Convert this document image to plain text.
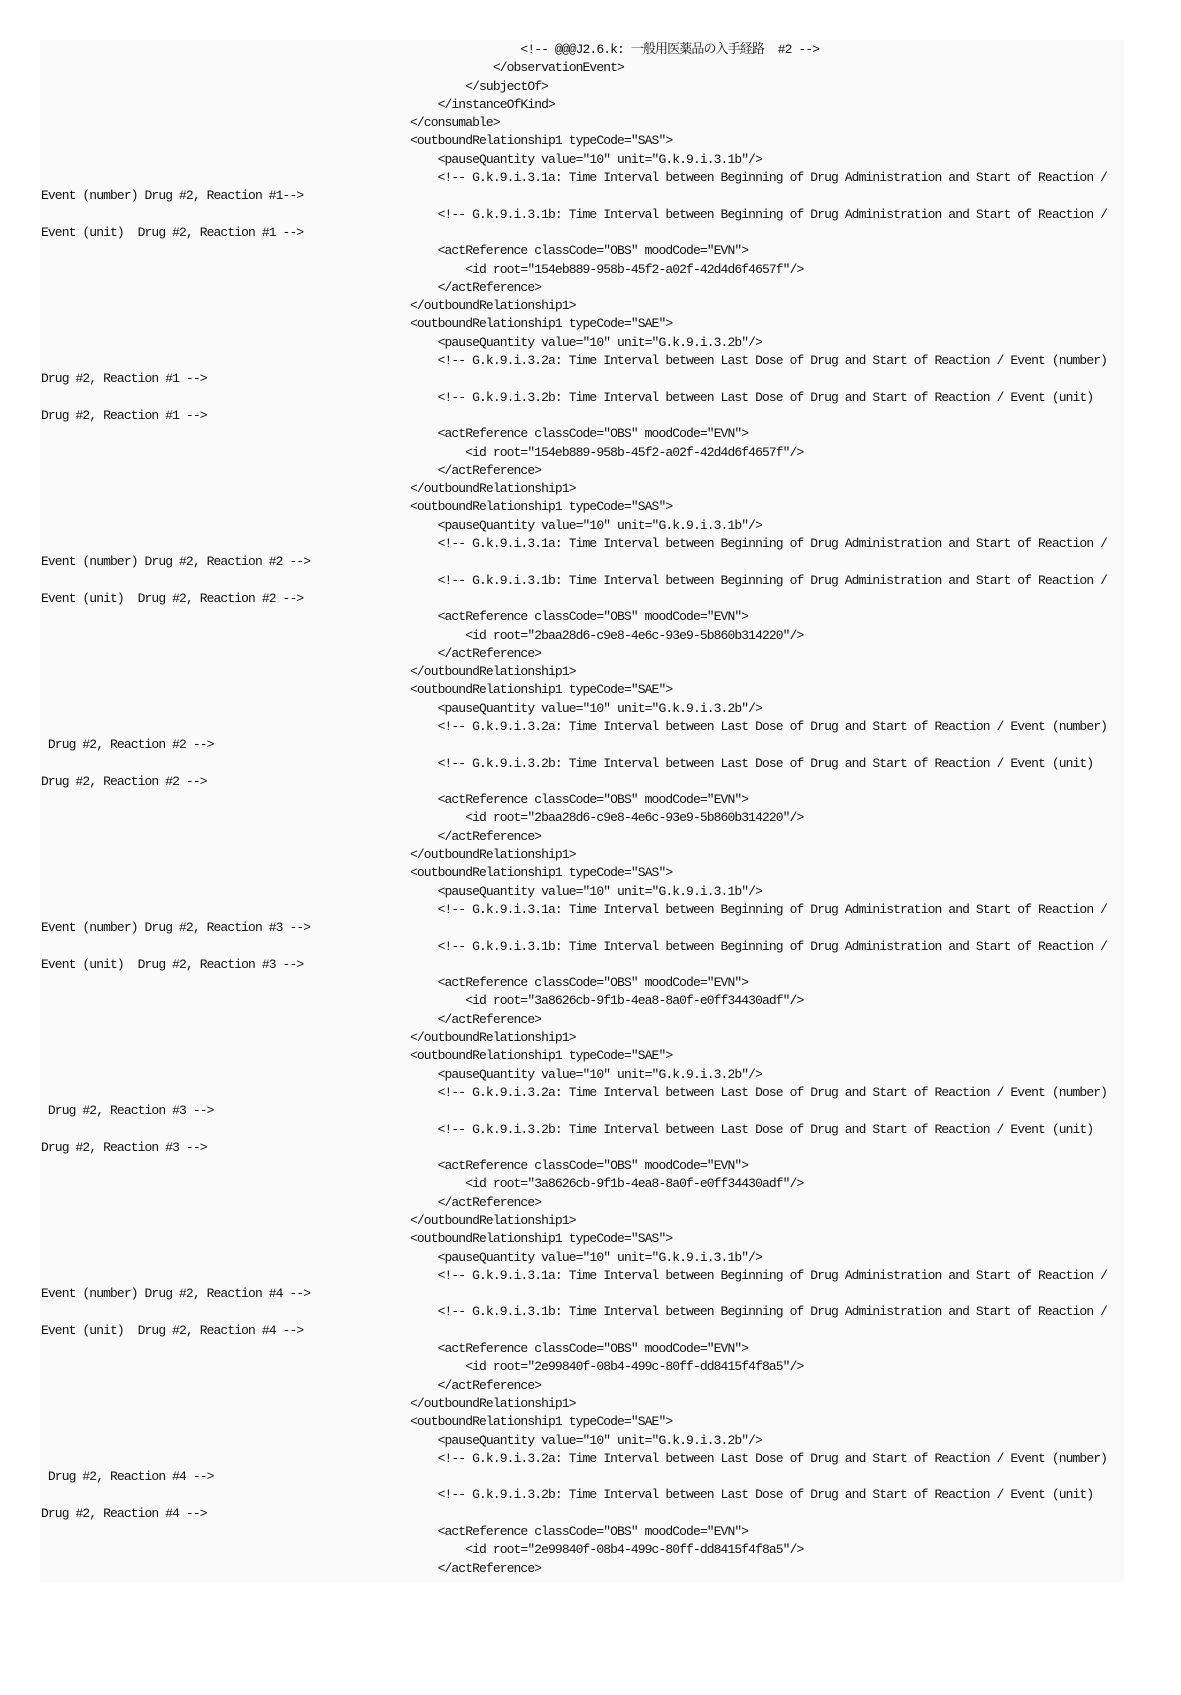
<!-- @@@J2.6.k: 一般用医薬品の入手経路  #2 -->
</observationEvent>
</subjectOf>
</instanceOfKind>
</consumable>
<outboundRelationship1 typeCode="SAS">
<pauseQuantity value="10" unit="G.k.9.i.3.1b"/>
<!-- G.k.9.i.3.1a: Time Interval between Beginning of Drug Administration and Start of Reaction /
Event (number) Drug #2, Reaction #1-->
<!-- G.k.9.i.3.1b: Time Interval between Beginning of Drug Administration and Start of Reaction /
Event (unit)  Drug #2, Reaction #1 -->
<actReference classCode="OBS" moodCode="EVN">
<id root="154eb889-958b-45f2-a02f-42d4d6f4657f"/>
</actReference>
</outboundRelationship1>
<outboundRelationship1 typeCode="SAE">
<pauseQuantity value="10" unit="G.k.9.i.3.2b"/>
<!-- G.k.9.i.3.2a: Time Interval between Last Dose of Drug and Start of Reaction / Event (number)
Drug #2, Reaction #1 -->
<!-- G.k.9.i.3.2b: Time Interval between Last Dose of Drug and Start of Reaction / Event (unit)
Drug #2, Reaction #1 -->
<actReference classCode="OBS" moodCode="EVN">
<id root="154eb889-958b-45f2-a02f-42d4d6f4657f"/>
</actReference>
</outboundRelationship1>
<outboundRelationship1 typeCode="SAS">
<pauseQuantity value="10" unit="G.k.9.i.3.1b"/>
<!-- G.k.9.i.3.1a: Time Interval between Beginning of Drug Administration and Start of Reaction /
Event (number) Drug #2, Reaction #2 -->
<!-- G.k.9.i.3.1b: Time Interval between Beginning of Drug Administration and Start of Reaction /
Event (unit)  Drug #2, Reaction #2 -->
<actReference classCode="OBS" moodCode="EVN">
<id root="2baa28d6-c9e8-4e6c-93e9-5b860b314220"/>
</actReference>
</outboundRelationship1>
<outboundRelationship1 typeCode="SAE">
<pauseQuantity value="10" unit="G.k.9.i.3.2b"/>
<!-- G.k.9.i.3.2a: Time Interval between Last Dose of Drug and Start of Reaction / Event (number)
Drug #2, Reaction #2 -->
<!-- G.k.9.i.3.2b: Time Interval between Last Dose of Drug and Start of Reaction / Event (unit)
Drug #2, Reaction #2 -->
<actReference classCode="OBS" moodCode="EVN">
<id root="2baa28d6-c9e8-4e6c-93e9-5b860b314220"/>
</actReference>
</outboundRelationship1>
<outboundRelationship1 typeCode="SAS">
<pauseQuantity value="10" unit="G.k.9.i.3.1b"/>
<!-- G.k.9.i.3.1a: Time Interval between Beginning of Drug Administration and Start of Reaction /
Event (number) Drug #2, Reaction #3 -->
<!-- G.k.9.i.3.1b: Time Interval between Beginning of Drug Administration and Start of Reaction /
Event (unit)  Drug #2, Reaction #3 -->
<actReference classCode="OBS" moodCode="EVN">
<id root="3a8626cb-9f1b-4ea8-8a0f-e0ff34430adf"/>
</actReference>
</outboundRelationship1>
<outboundRelationship1 typeCode="SAE">
<pauseQuantity value="10" unit="G.k.9.i.3.2b"/>
<!-- G.k.9.i.3.2a: Time Interval between Last Dose of Drug and Start of Reaction / Event (number)
Drug #2, Reaction #3 -->
<!-- G.k.9.i.3.2b: Time Interval between Last Dose of Drug and Start of Reaction / Event (unit)
Drug #2, Reaction #3 -->
<actReference classCode="OBS" moodCode="EVN">
<id root="3a8626cb-9f1b-4ea8-8a0f-e0ff34430adf"/>
</actReference>
</outboundRelationship1>
<outboundRelationship1 typeCode="SAS">
<pauseQuantity value="10" unit="G.k.9.i.3.1b"/>
<!-- G.k.9.i.3.1a: Time Interval between Beginning of Drug Administration and Start of Reaction /
Event (number) Drug #2, Reaction #4 -->
<!-- G.k.9.i.3.1b: Time Interval between Beginning of Drug Administration and Start of Reaction /
Event (unit)  Drug #2, Reaction #4 -->
<actReference classCode="OBS" moodCode="EVN">
<id root="2e99840f-08b4-499c-80ff-dd8415f4f8a5"/>
</actReference>
</outboundRelationship1>
<outboundRelationship1 typeCode="SAE">
<pauseQuantity value="10" unit="G.k.9.i.3.2b"/>
<!-- G.k.9.i.3.2a: Time Interval between Last Dose of Drug and Start of Reaction / Event (number)
Drug #2, Reaction #4 -->
<!-- G.k.9.i.3.2b: Time Interval between Last Dose of Drug and Start of Reaction / Event (unit)
Drug #2, Reaction #4 -->
<actReference classCode="OBS" moodCode="EVN">
<id root="2e99840f-08b4-499c-80ff-dd8415f4f8a5"/>
</actReference>
